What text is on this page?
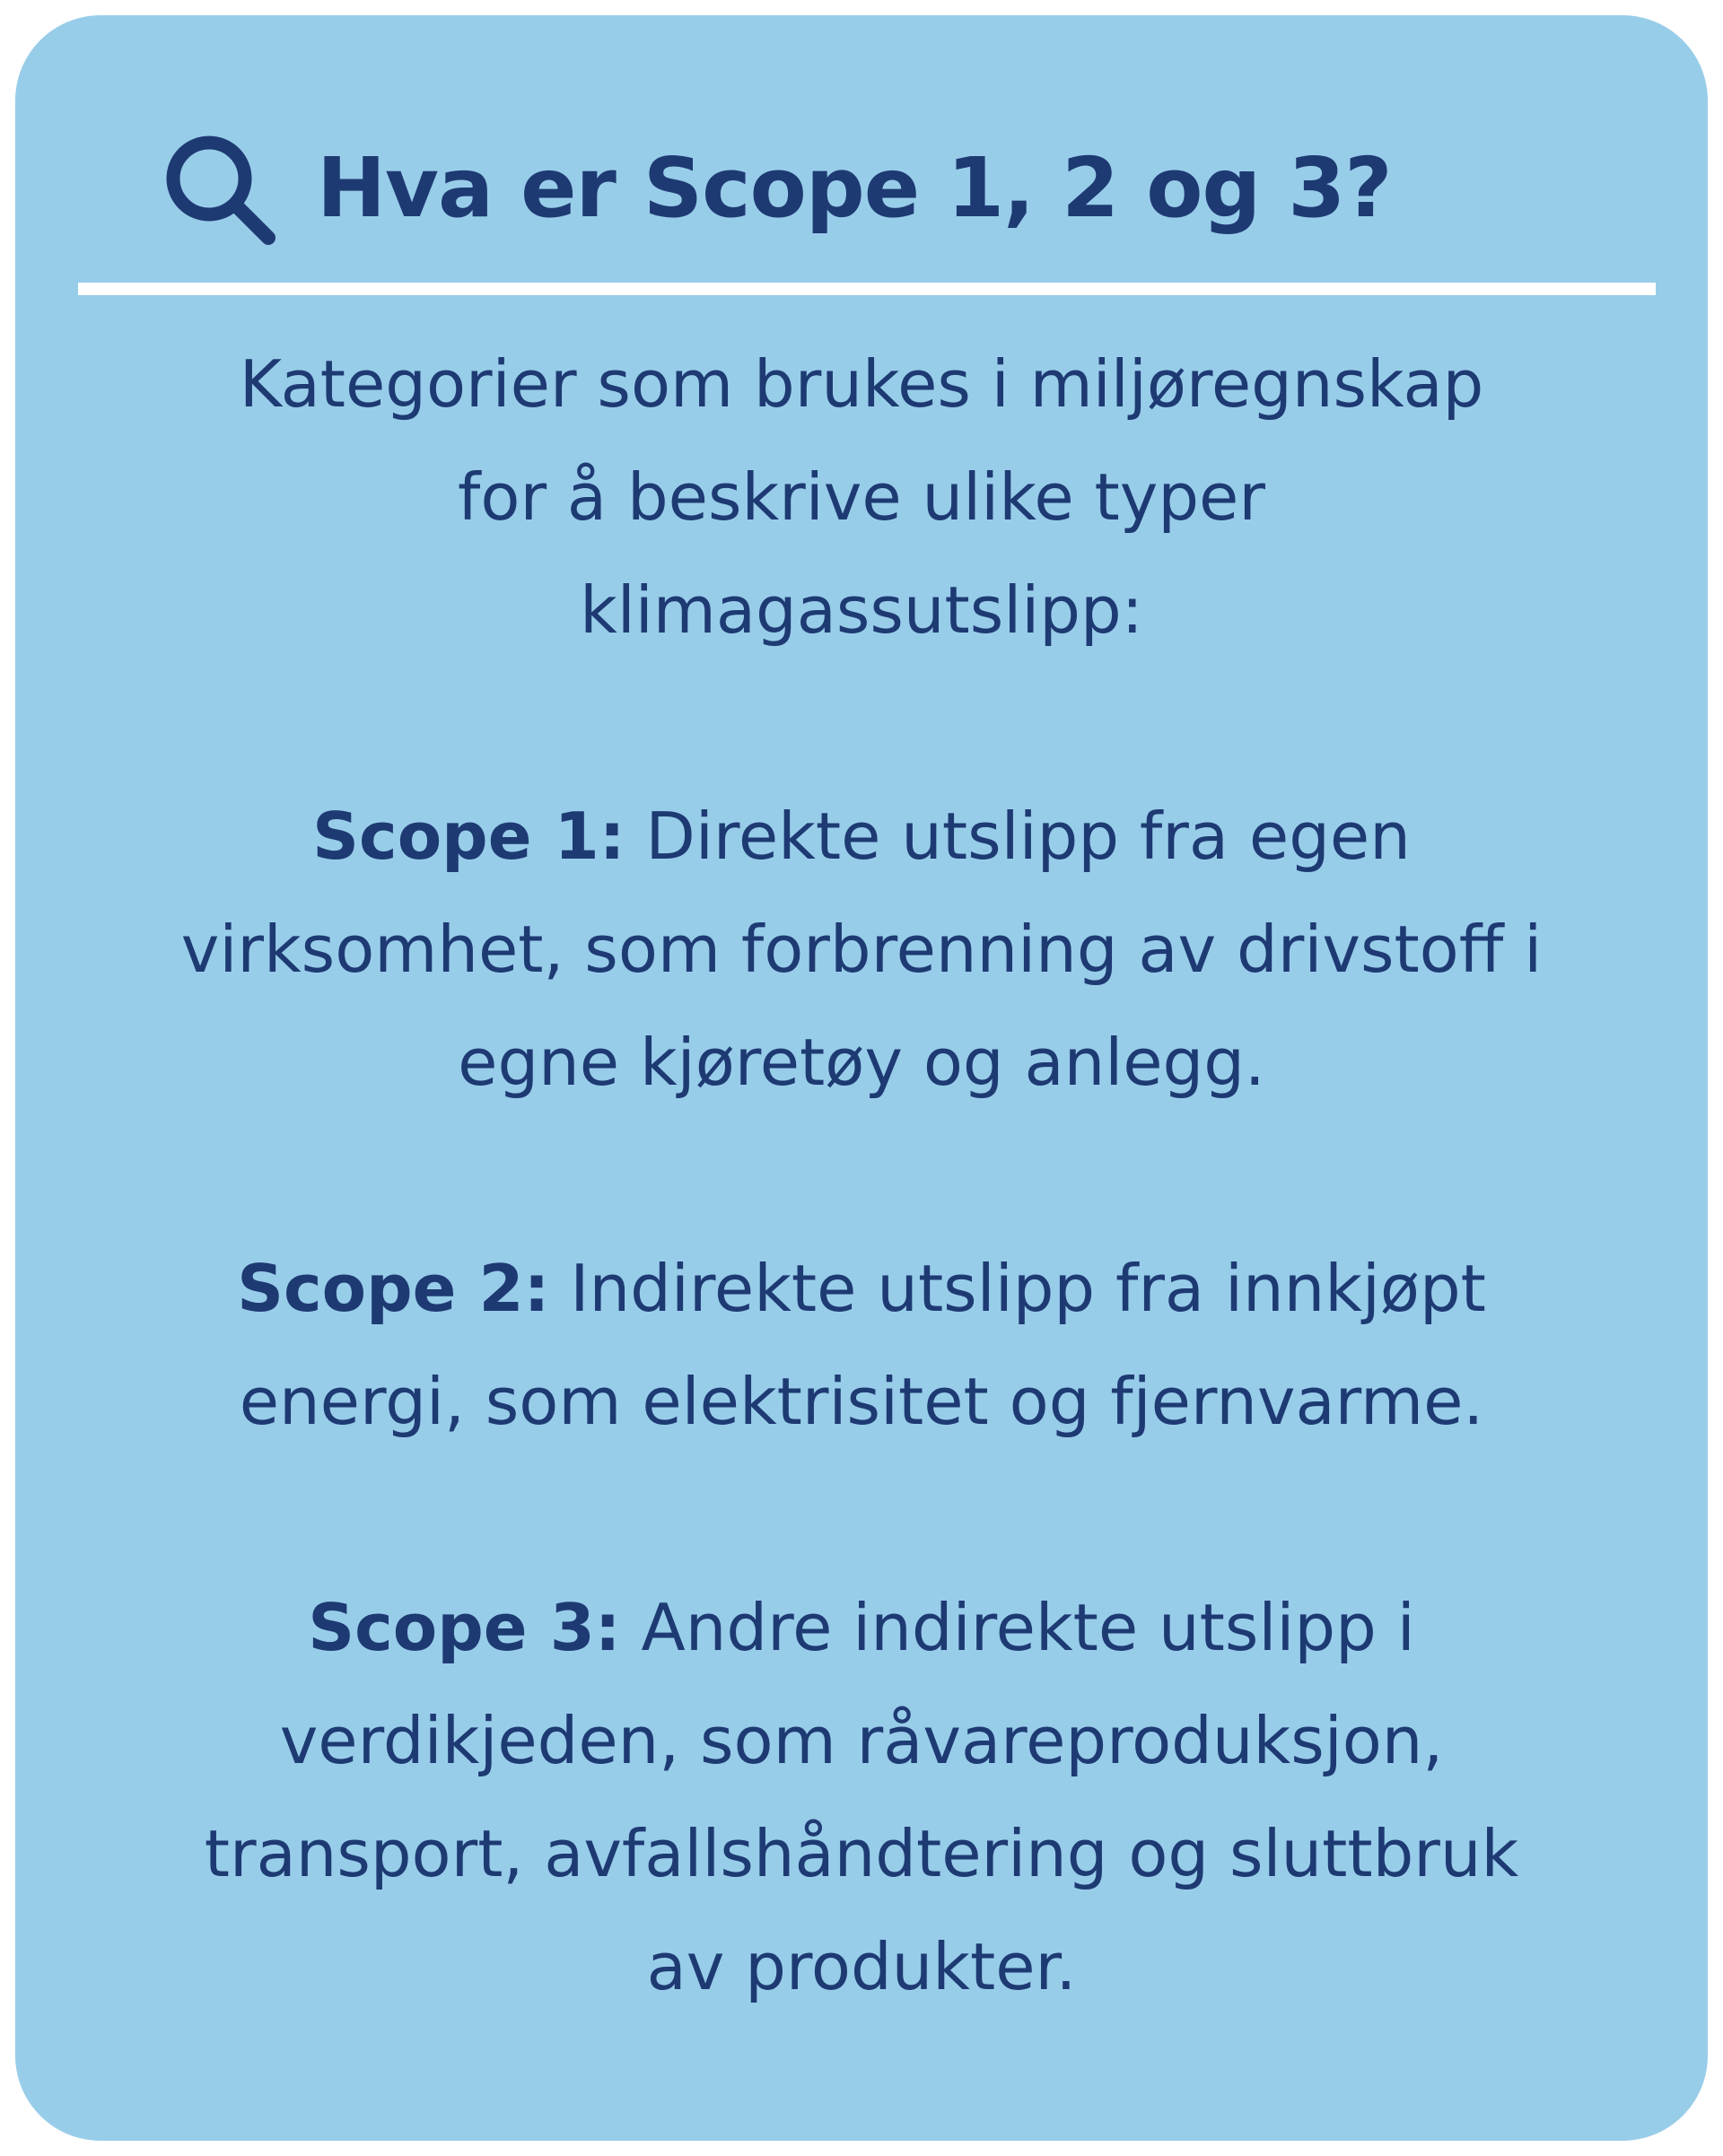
Hva er Scope 1, 2 og 3?

Kategorier som brukes i miljøregnskap

for å beskrive ulike typer

klimagassutslipp:

Scope 1: Direkte utslipp fra egen

virksomhet, som forbrenning av drivstoff i

egne kjøretøy og anlegg.

Scope 2: Indirekte utslipp fra innkjøpt

energi, som elektrisitet og fjernvarme.

Scope 3: Andre indirekte utslipp i

verdikjeden, som råvareproduksjon,

transport, avfallshåndtering og sluttbruk

av produkter.
